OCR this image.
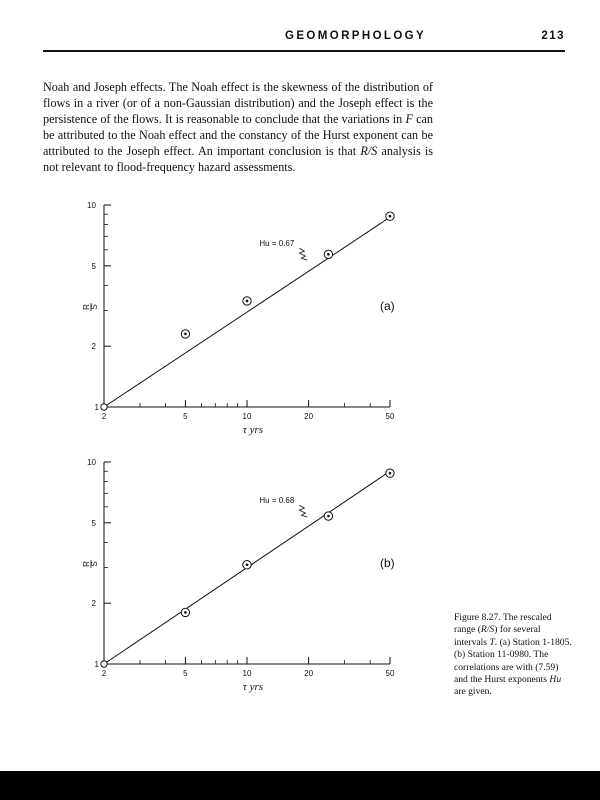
GEOMORPHOLOGY	213

Noah and Joseph effects. The Noah effect is the skewness of the distribution of flows in a river (or of a non-Gaussian distribution) and the Joseph effect is the persistence of the flows. It is reasonable to conclude that the variations in F can be attributed to the Noah effect and the constancy of the Hurst exponent can be attributed to the Joseph effect. An important conclusion is that R/S analysis is not relevant to flood-frequency hazard assessments.

2	5	10	20	50
2
5
10
1
R S
τ yrs
Hu = 0.67
(a)
2	5	10	20	50
2
5
10
1
R S
τ yrs
Hu = 0.68
(b)

Figure 8.27. The rescaled range (R/S) for several intervals T. (a) Station 1-1805. (b) Station 11-0980. The correlations are with (7.59) and the Hurst exponents Hu are given.
